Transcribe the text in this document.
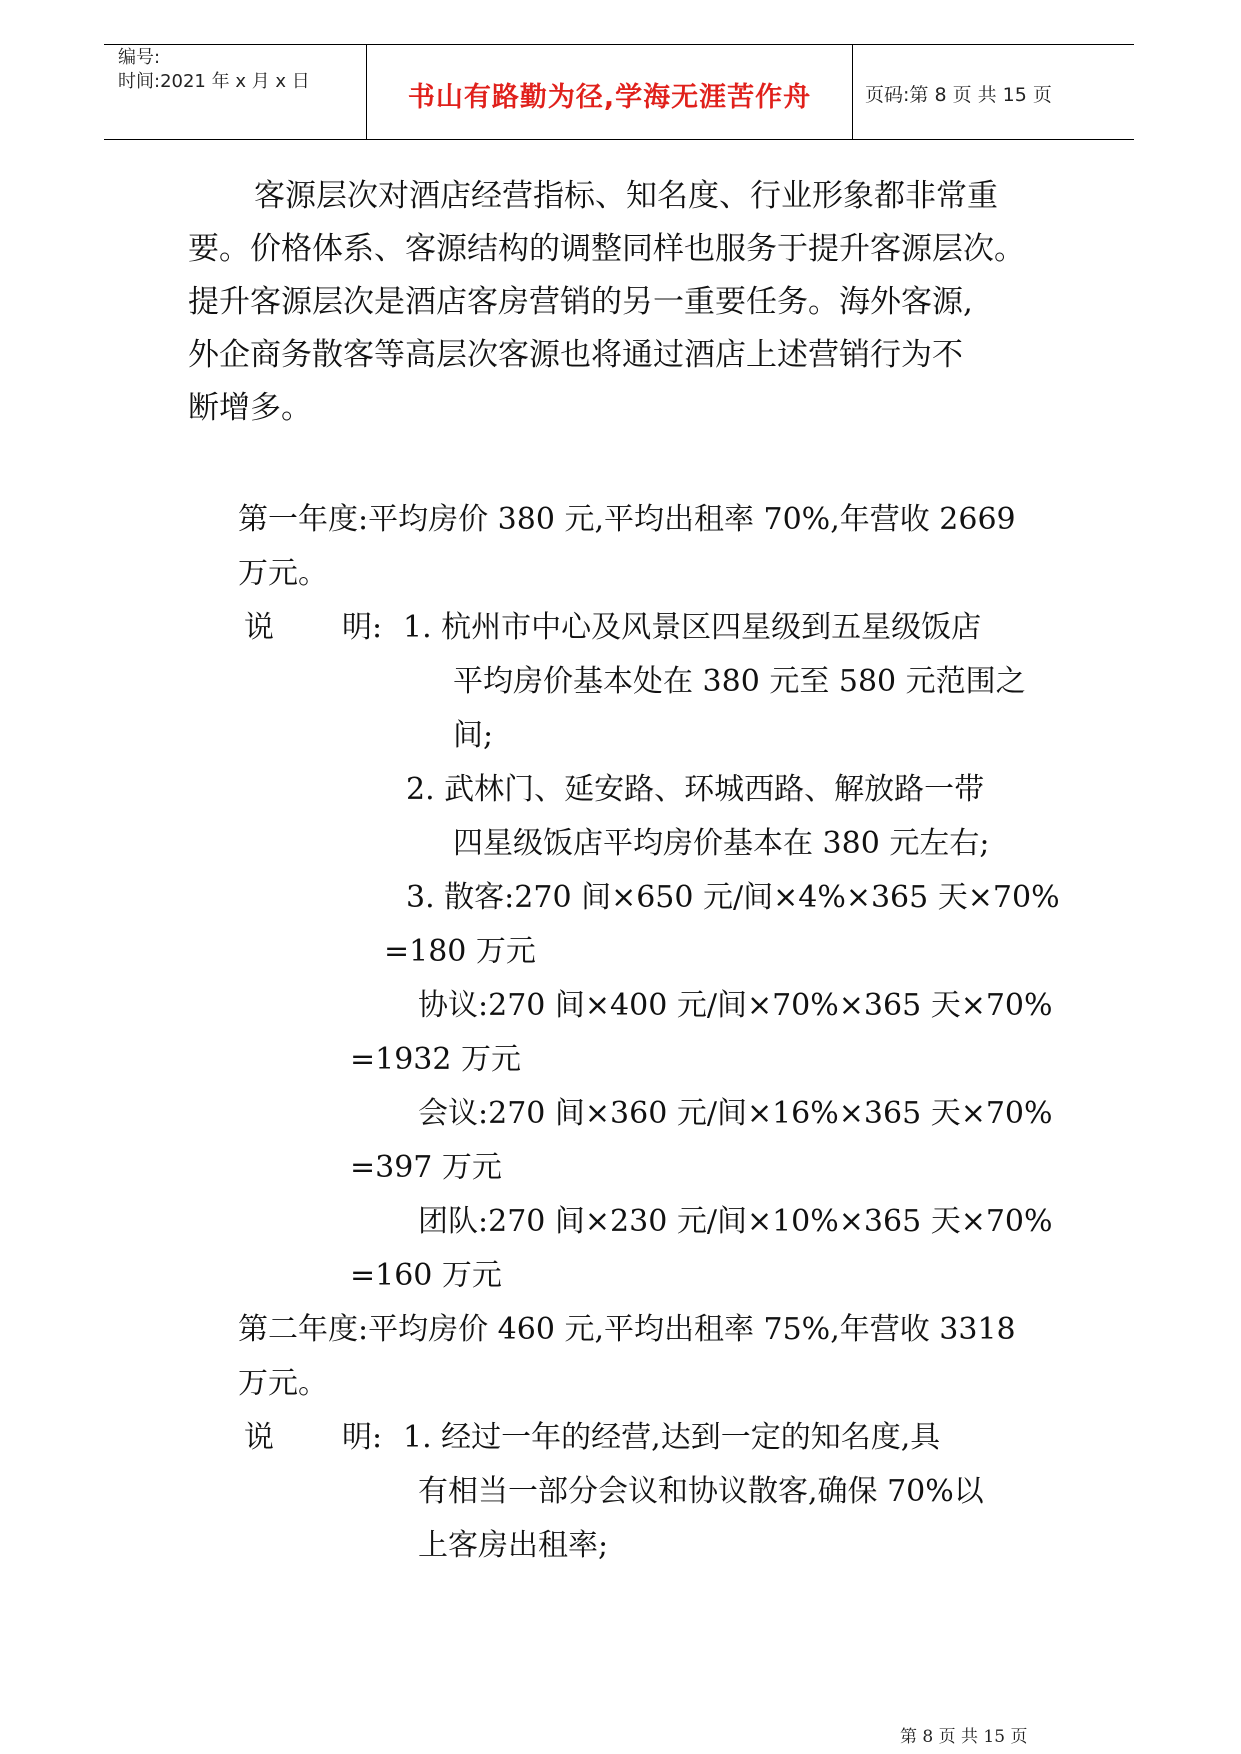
编号:
时间:2021 年 x 月 x 日
书山有路勤为径,学海无涯苦作舟	页码:第 8 页 共 15 页
客源层次对酒店经营指标、知名度、行业形象都非常重
要。价格体系、客源结构的调整同样也服务于提升客源层次。
提升客源层次是酒店客房营销的另一重要任务。海外客源,
外企商务散客等高层次客源也将通过酒店上述营销行为不
断增多。
第一年度:平均房价 380 元,平均出租率 70%,年营收 2669
万元。
说 明: 1. 杭州市中心及风景区四星级到五星级饭店
平均房价基本处在 380 元至 580 元范围之
间;
2. 武林门、延安路、环城西路、解放路一带
四星级饭店平均房价基本在 380 元左右;
3. 散客:270 间×650 元/间×4%×365 天×70%
=180 万元
协议:270 间×400 元/间×70%×365 天×70%
=1932 万元
会议:270 间×360 元/间×16%×365 天×70%
=397 万元
团队:270 间×230 元/间×10%×365 天×70%
=160 万元
第二年度:平均房价 460 元,平均出租率 75%,年营收 3318
万元。
说 明: 1. 经过一年的经营,达到一定的知名度,具
有相当一部分会议和协议散客,确保 70%以
上客房出租率;
第 8 页 共 15 页
